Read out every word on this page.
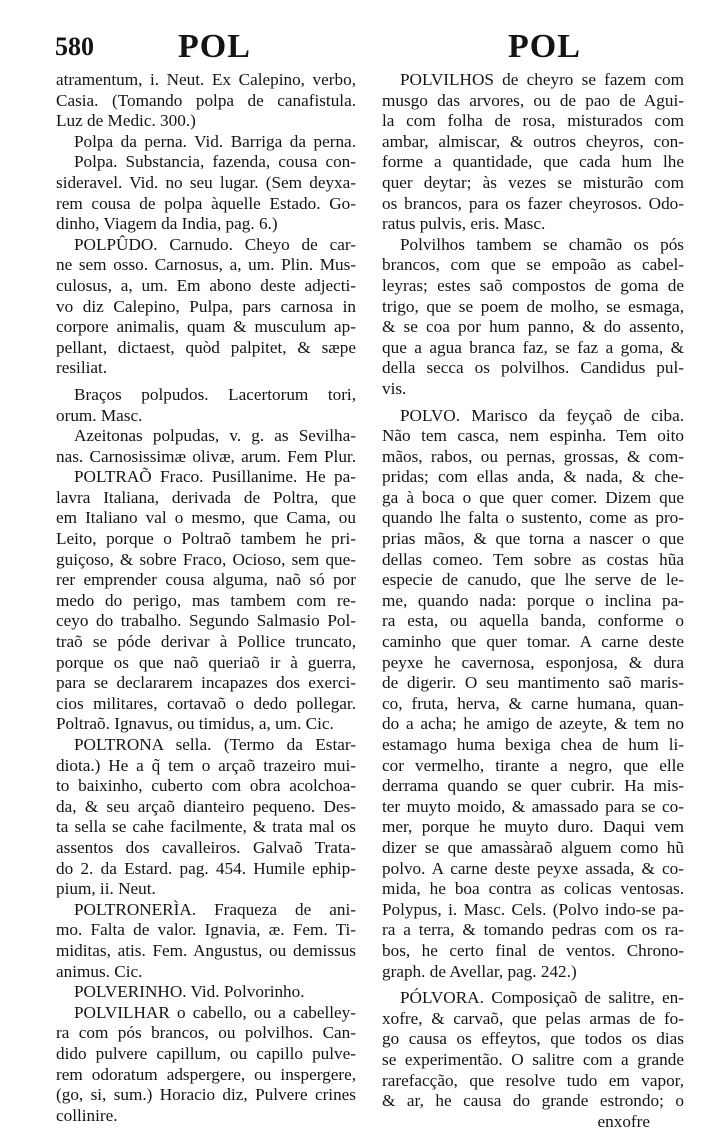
580 POL	POL
atramentum, i. Neut. Ex Calepino, verbo,
Casia. (Tomando polpa de canafistula.
Luz de Medic. 300.)
Polpa da perna. Vid. Barriga da perna.
Polpa. Substancia, fazenda, cousa con-
sideravel. Vid. no seu lugar. (Sem deyxa-
rem cousa de polpa àquelle Estado. Go-
dinho, Viagem da India, pag. 6.)
POLPÛDO. Carnudo. Cheyo de car-
ne sem osso. Carnosus, a, um. Plin. Mus-
culosus, a, um. Em abono deste adjecti-
vo diz Calepino, Pulpa, pars carnosa in
corpore animalis, quam & musculum ap-
pellant, dictaest, quòd palpitet, & sæpe
resiliat.
Braços polpudos. Lacertorum tori,
orum. Masc.
Azeitonas polpudas, v. g. as Sevilha-
nas. Carnosissimæ olivæ, arum. Fem Plur.
POLTRAÕ Fraco. Pusillanime. He pa-
lavra Italiana, derivada de Poltra, que
em Italiano val o mesmo, que Cama, ou
Leito, porque o Poltraõ tambem he pri-
guiçoso, & sobre Fraco, Ocioso, sem que-
rer emprender cousa alguma, naõ só por
medo do perigo, mas tambem com re-
ceyo do trabalho. Segundo Salmasio Pol-
traõ se póde derivar à Pollice truncato,
porque os que naõ queriaõ ir à guerra,
para se declararem incapazes dos exerci-
cios militares, cortavaõ o dedo pollegar.
Poltraõ. Ignavus, ou timidus, a, um. Cic.
POLTRONA sella. (Termo da Estar-
diota.) He a q̃ tem o arçaõ trazeiro mui-
to baixinho, cuberto com obra acolchoa-
da, & seu arçaõ dianteiro pequeno. Des-
ta sella se cahe facilmente, & trata mal os
assentos dos cavalleiros. Galvaõ Trata-
do 2. da Estard. pag. 454. Humile ephip-
pium, ii. Neut.
POLTRONERÌA. Fraqueza de ani-
mo. Falta de valor. Ignavia, æ. Fem. Ti-
miditas, atis. Fem. Angustus, ou demissus
animus. Cic.
POLVERINHO. Vid. Polvorinho.
POLVILHAR o cabello, ou a cabelley-
ra com pós brancos, ou polvilhos. Can-
dido pulvere capillum, ou capillo pulve-
rem odoratum adspergere, ou inspergere,
(go, si, sum.) Horacio diz, Pulvere crines
collinire.
POLVILHOS de cheyro se fazem com
musgo das arvores, ou de pao de Agui-
la com folha de rosa, misturados com
ambar, almiscar, & outros cheyros, con-
forme a quantidade, que cada hum lhe
quer deytar; às vezes se misturão com
os brancos, para os fazer cheyrosos. Odo-
ratus pulvis, eris. Masc.
Polvilhos tambem se chamão os pós
brancos, com que se empoão as cabel-
leyras; estes saõ compostos de goma de
trigo, que se poem de molho, se esmaga,
& se coa por hum panno, & do assento,
que a agua branca faz, se faz a goma, &
della secca os polvilhos. Candidus pul-
vis.
POLVO. Marisco da feyçaõ de ciba.
Não tem casca, nem espinha. Tem oito
mãos, rabos, ou pernas, grossas, & com-
pridas; com ellas anda, & nada, & che-
ga à boca o que quer comer. Dizem que
quando lhe falta o sustento, come as pro-
prias mãos, & que torna a nascer o que
dellas comeo. Tem sobre as costas hũa
especie de canudo, que lhe serve de le-
me, quando nada: porque o inclina pa-
ra esta, ou aquella banda, conforme o
caminho que quer tomar. A carne deste
peyxe he cavernosa, esponjosa, & dura
de digerir. O seu mantimento saõ maris-
co, fruta, herva, & carne humana, quan-
do a acha; he amigo de azeyte, & tem no
estamago huma bexiga chea de hum li-
cor vermelho, tirante a negro, que elle
derrama quando se quer cubrir. Ha mis-
ter muyto moido, & amassado para se co-
mer, porque he muyto duro. Daqui vem
dizer se que amassàraõ alguem como hũ
polvo. A carne deste peyxe assada, & co-
mida, he boa contra as colicas ventosas.
Polypus, i. Masc. Cels. (Polvo indo-se pa-
ra a terra, & tomando pedras com os ra-
bos, he certo final de ventos. Chrono-
graph. de Avellar, pag. 242.)
PÓLVORA. Composiçaõ de salitre, en-
xofre, & carvaõ, que pelas armas de fo-
go causa os effeytos, que todos os dias
se experimentão. O salitre com a grande
rarefacção, que resolve tudo em vapor,
& ar, he causa do grande estrondo; o
enxofre
